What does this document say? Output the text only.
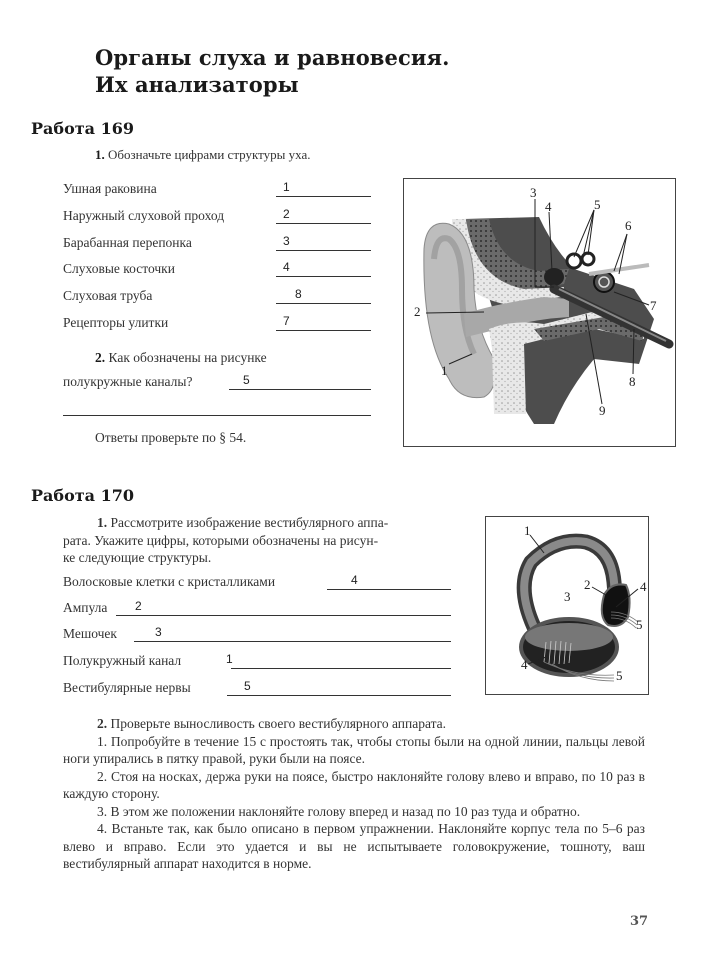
Органы слуха и равновесия.
Их анализаторы
Работа 169
1. Обозначьте цифрами структуры уха.
Ушная раковина	1
Наружный слуховой проход	2
Барабанная перепонка	3
Слуховые косточки	4
Слуховая труба	8
Рецепторы улитки	7
2. Как обозначены на рисунке
полукружные каналы?	5
Ответы проверьте по § 54.
1
2
3
4	5
6
7
8
9
Работа 170
1. Рассмотрите изображение вестибулярного аппа-
рата. Укажите цифры, которыми обозначены на рисун-
ке следующие структуры.
Волосковые клетки с кристалликами	4
Ампула 2
Мешочек	3
Полукружный канал	1
Вестибулярные нервы	5
1
2
3
4
4
5
5
2. Проверьте выносливость своего вестибулярного аппарата.
1. Попробуйте в течение 15 с простоять так, чтобы стопы были на одной линии, пальцы левой ноги упирались в пятку правой, руки были на поясе.
2. Стоя на носках, держа руки на поясе, быстро наклоняйте голову влево и вправо, по 10 раз в каждую сторону.
3. В этом же положении наклоняйте голову вперед и назад по 10 раз туда и обратно.
4. Встаньте так, как было описано в первом упражнении. Наклоняйте корпус тела по 5–6 раз влево и вправо. Если это удается и вы не испытываете головокружение, тошноту, ваш вестибулярный аппарат находится в норме.
37
